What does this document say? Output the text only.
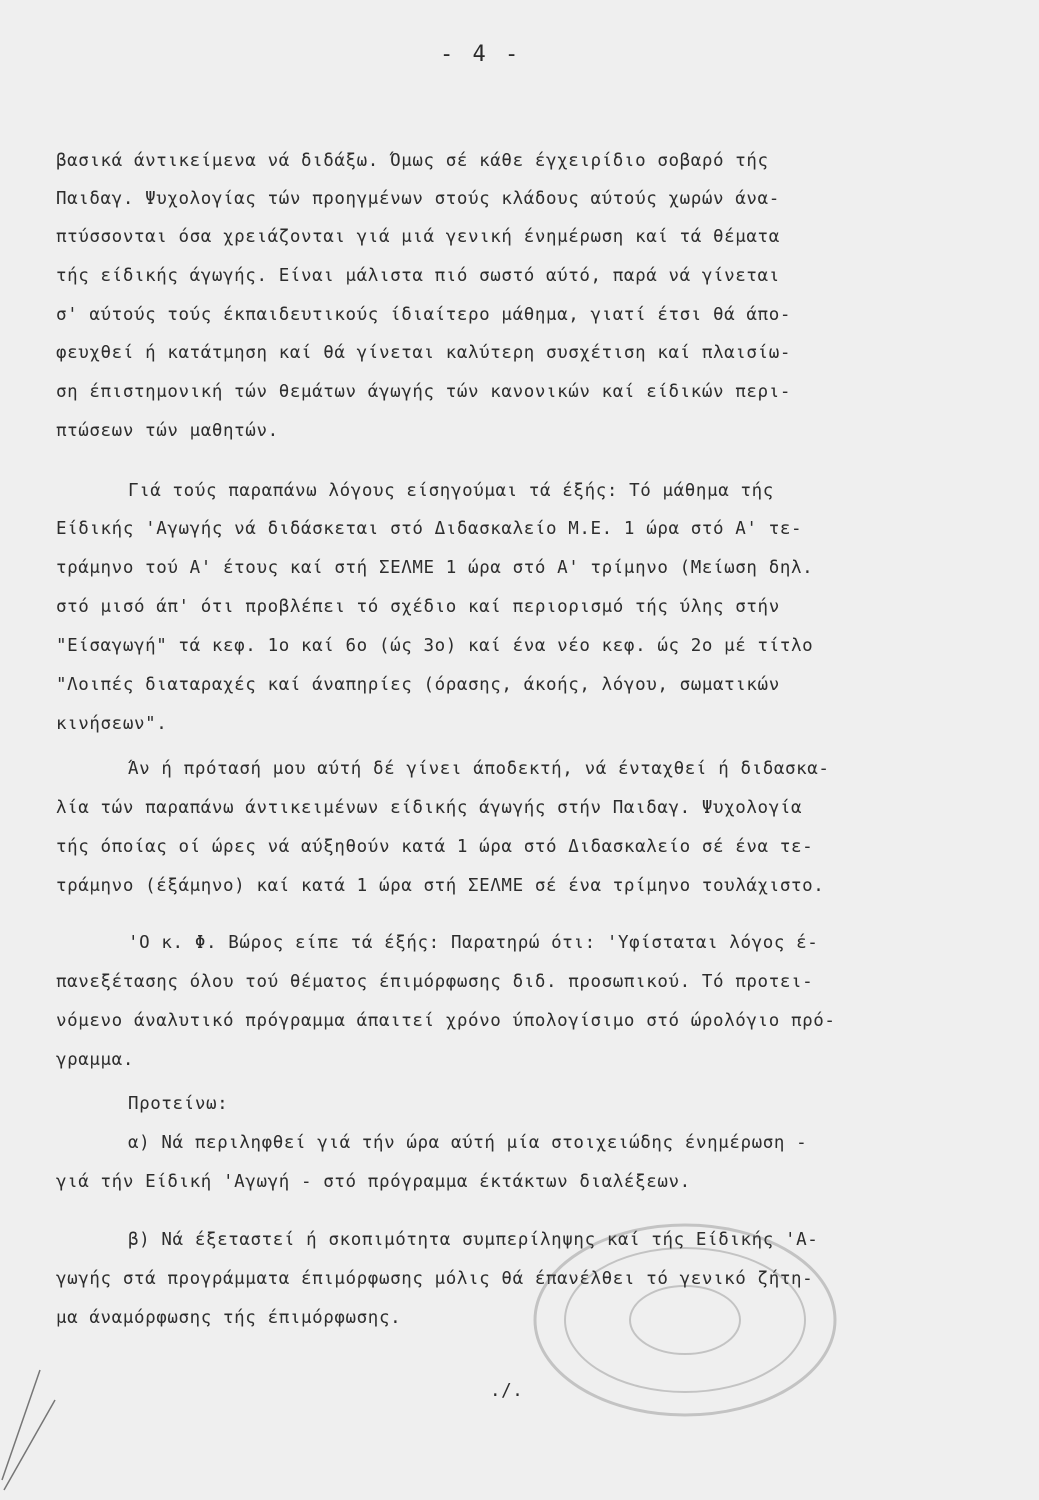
- 4 -
βασικά άντικείμενα νά διδάξω. Όμως σέ κάθε έγχειρίδιο σοβαρό τής
Παιδαγ. Ψυχολογίας τών προηγμένων στούς κλάδους αύτούς χωρών άνα-
πτύσσονται όσα χρειάζονται γιά μιά γενική ένημέρωση καί τά θέματα
τής είδικής άγωγής. Είναι μάλιστα πιό σωστό αύτό, παρά νά γίνεται
σ' αύτούς τούς έκπαιδευτικούς ίδιαίτερο μάθημα, γιατί έτσι θά άπο-
φευχθεί ή κατάτμηση καί θά γίνεται καλύτερη συσχέτιση καί πλαισίω-
ση έπιστημονική τών θεμάτων άγωγής τών κανονικών καί είδικών περι-
πτώσεων τών μαθητών.
Γιά τούς παραπάνω λόγους είσηγούμαι τά έξής: Τό μάθημα τής
Είδικής 'Αγωγής νά διδάσκεται στό Διδασκαλείο Μ.Ε. 1 ώρα στό Α' τε-
τράμηνο τού Α' έτους καί στή ΣΕΛΜΕ 1 ώρα στό Α' τρίμηνο (Μείωση δηλ.
στό μισό άπ' ότι προβλέπει τό σχέδιο καί περιορισμό τής ύλης στήν
"Είσαγωγή" τά κεφ. 1ο καί 6ο (ώς 3ο) καί ένα νέο κεφ. ώς 2ο μέ τίτλο
"Λοιπές διαταραχές καί άναπηρίες (όρασης, άκοής, λόγου, σωματικών
κινήσεων".
Άν ή πρότασή μου αύτή δέ γίνει άποδεκτή, νά ένταχθεί ή διδασκα-
λία τών παραπάνω άντικειμένων είδικής άγωγής στήν Παιδαγ. Ψυχολογία
τής όποίας οί ώρες νά αύξηθούν κατά 1 ώρα στό Διδασκαλείο σέ ένα τε-
τράμηνο (έξάμηνο) καί κατά 1 ώρα στή ΣΕΛΜΕ σέ ένα τρίμηνο τουλάχιστο.
'Ο κ. Φ. Βώρος είπε τά έξής: Παρατηρώ ότι: 'Υφίσταται λόγος έ-
πανεξέτασης όλου τού θέματος έπιμόρφωσης διδ. προσωπικού. Τό προτει-
νόμενο άναλυτικό πρόγραμμα άπαιτεί χρόνο ύπολογίσιμο στό ώρολόγιο πρό-
γραμμα.
Προτείνω:
α) Νά περιληφθεί γιά τήν ώρα αύτή μία στοιχειώδης ένημέρωση -
γιά τήν Είδική 'Αγωγή - στό πρόγραμμα έκτάκτων διαλέξεων.
β) Νά έξεταστεί ή σκοπιμότητα συμπερίληψης καί τής Είδικής 'Α-
γωγής στά προγράμματα έπιμόρφωσης μόλις θά έπανέλθει τό γενικό ζήτη-
μα άναμόρφωσης τής έπιμόρφωσης.
./.
